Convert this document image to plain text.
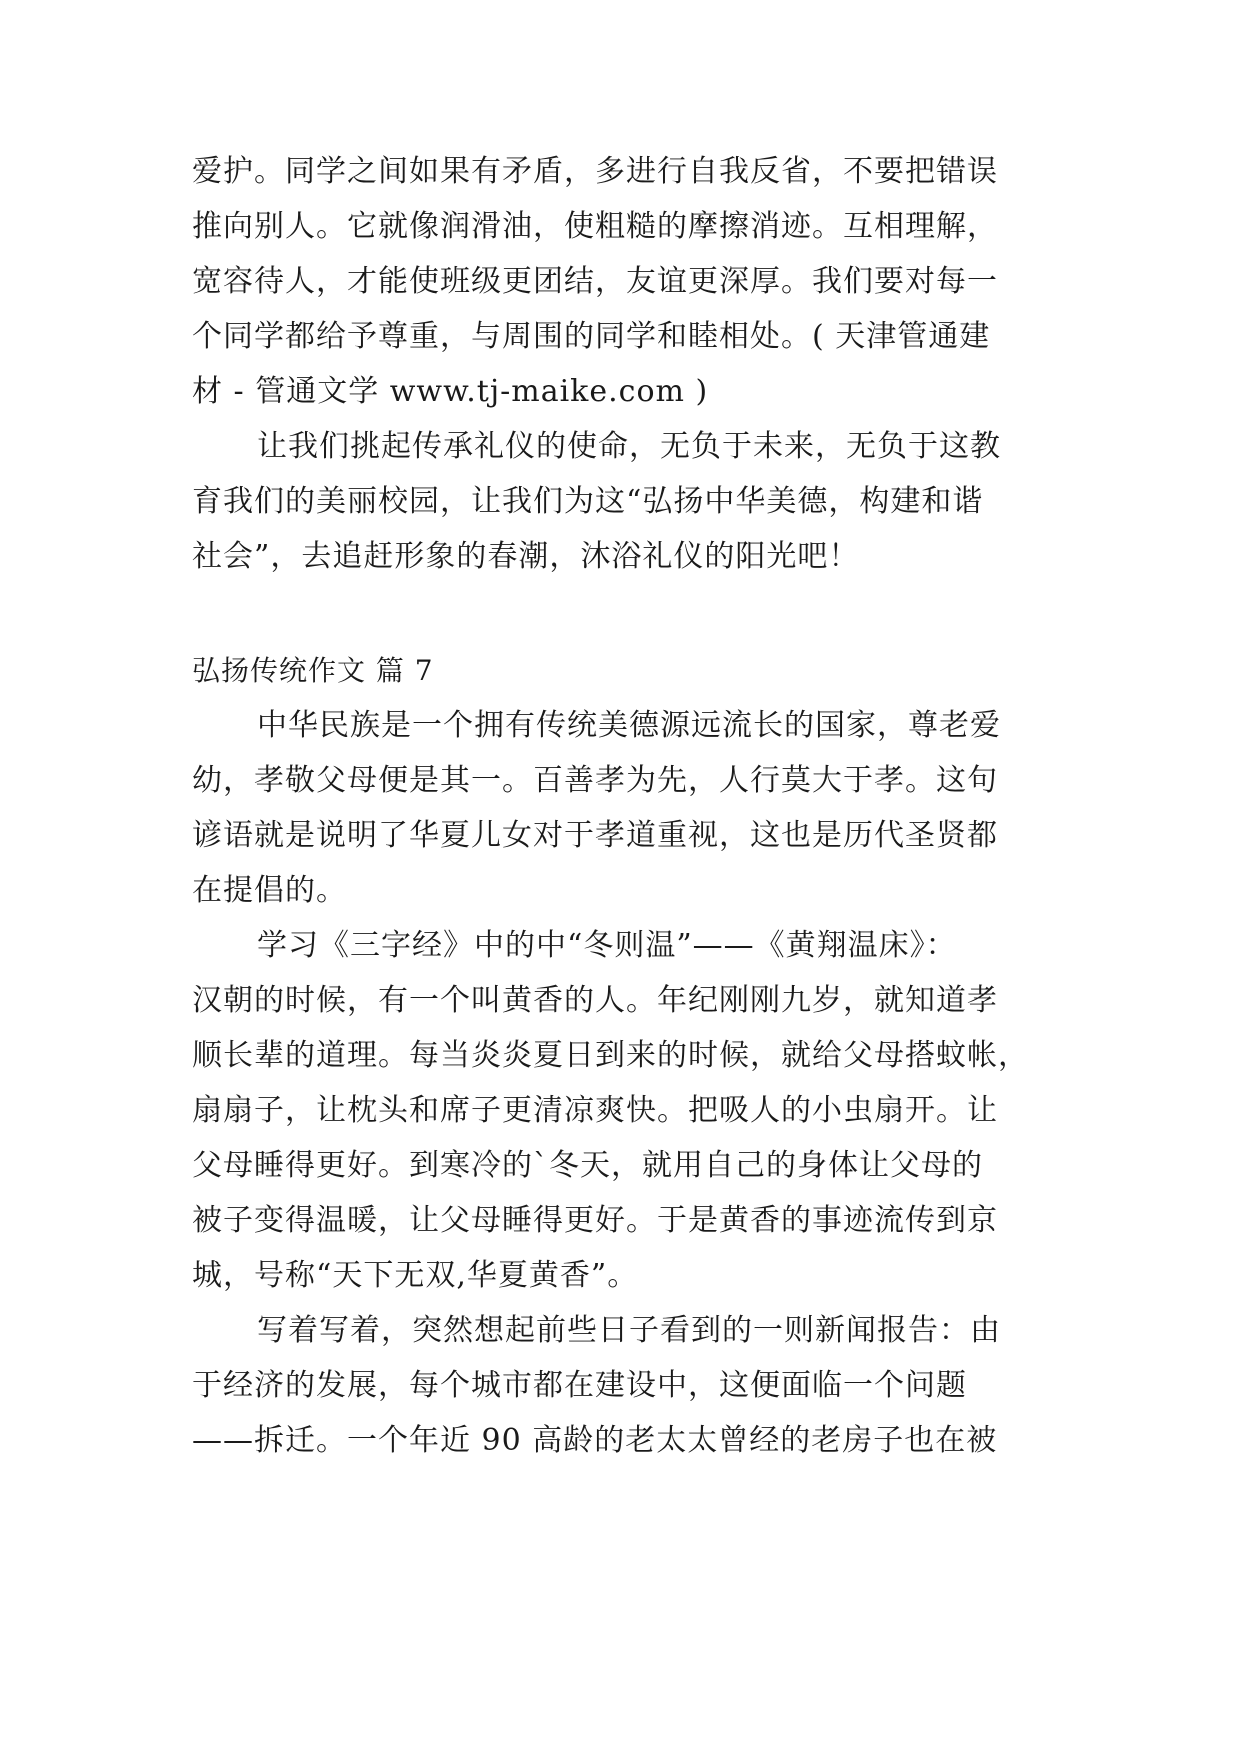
爱护。同学之间如果有矛盾，多进行自我反省，不要把错误
推向别人。它就像润滑油，使粗糙的摩擦消迹。互相理解，
宽容待人，才能使班级更团结，友谊更深厚。我们要对每一
个同学都给予尊重，与周围的同学和睦相处。( 天津管通建
材 - 管通文学 www.tj-maike.com )
让我们挑起传承礼仪的使命，无负于未来，无负于这教
育我们的美丽校园，让我们为这“弘扬中华美德，构建和谐
社会”，去追赶形象的春潮，沐浴礼仪的阳光吧！
弘扬传统作文 篇 7
中华民族是一个拥有传统美德源远流长的国家，尊老爱
幼，孝敬父母便是其一。百善孝为先，人行莫大于孝。这句
谚语就是说明了华夏儿女对于孝道重视，这也是历代圣贤都
在提倡的。
学习《三字经》中的中“冬则温”——《黄翔温床》：
汉朝的时候，有一个叫黄香的人。年纪刚刚九岁，就知道孝
顺长辈的道理。每当炎炎夏日到来的时候，就给父母搭蚊帐，
扇扇子，让枕头和席子更清凉爽快。把吸人的小虫扇开。让
父母睡得更好。到寒冷的`冬天，就用自己的身体让父母的
被子变得温暖，让父母睡得更好。于是黄香的事迹流传到京
城，号称“天下无双,华夏黄香”。
写着写着，突然想起前些日子看到的一则新闻报告：由
于经济的发展，每个城市都在建设中，这便面临一个问题
——拆迁。一个年近 90 高龄的老太太曾经的老房子也在被
